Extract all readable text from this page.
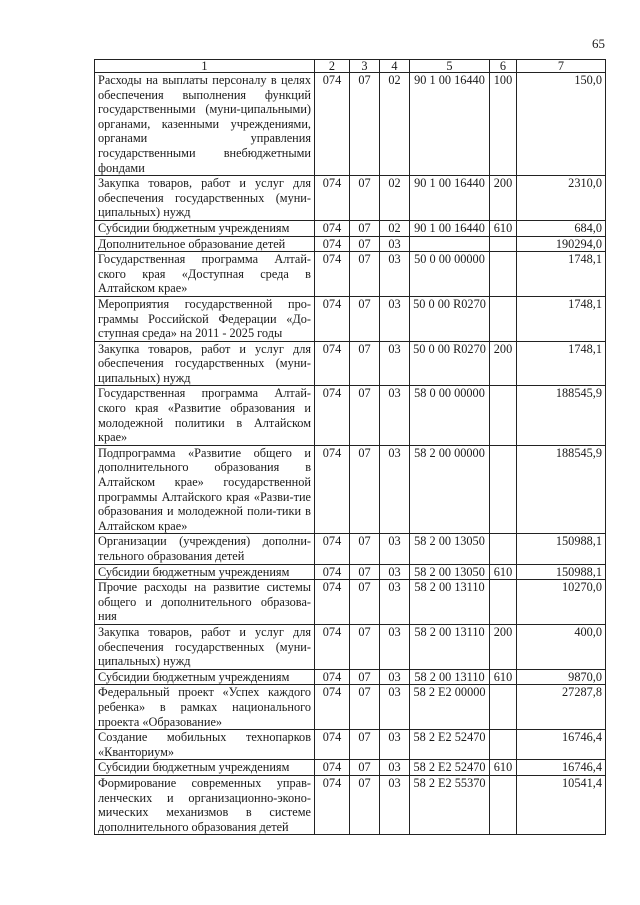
65
1	2	3	4	5	6	7
Расходы на выплаты персоналу в целях обеспечения выполнения функций государственными (муни-ципальными) органами, казенными учреждениями, органами управления государственными внебюджетными фондами	074	07	02	90 1 00 16440	100	150,0
Закупка товаров, работ и услуг для обеспечения государственных (муни-ципальных) нужд	074	07	02	90 1 00 16440	200	2310,0
Субсидии бюджетным учреждениям	074	07	02	90 1 00 16440	610	684,0
Дополнительное образование детей	074	07	03			190294,0
Государственная программа Алтай-ского края «Доступная среда в Алтайском крае»	074	07	03	50 0 00 00000		1748,1
Мероприятия государственной про-граммы Российской Федерации «До-ступная среда» на 2011 - 2025 годы	074	07	03	50 0 00 R0270		1748,1
Закупка товаров, работ и услуг для обеспечения государственных (муни-ципальных) нужд	074	07	03	50 0 00 R0270	200	1748,1
Государственная программа Алтай-ского края «Развитие образования и молодежной политики в Алтайском крае»	074	07	03	58 0 00 00000		188545,9
Подпрограмма «Развитие общего и дополнительного образования в Алтайском крае» государственной программы Алтайского края «Разви-тие образования и молодежной поли-тики в Алтайском крае»	074	07	03	58 2 00 00000		188545,9
Организации (учреждения) дополни-тельного образования детей	074	07	03	58 2 00 13050		150988,1
Субсидии бюджетным учреждениям	074	07	03	58 2 00 13050	610	150988,1
Прочие расходы на развитие системы общего и дополнительного образова-ния	074	07	03	58 2 00 13110		10270,0
Закупка товаров, работ и услуг для обеспечения государственных (муни-ципальных) нужд	074	07	03	58 2 00 13110	200	400,0
Субсидии бюджетным учреждениям	074	07	03	58 2 00 13110	610	9870,0
Федеральный проект «Успех каждого ребенка» в рамках национального проекта «Образование»	074	07	03	58 2 E2 00000		27287,8
Создание мобильных технопарков «Кванториум»	074	07	03	58 2 E2 52470		16746,4
Субсидии бюджетным учреждениям	074	07	03	58 2 E2 52470	610	16746,4
Формирование современных управ-ленческих и организационно-эконо-мических механизмов в системе дополнительного образования детей	074	07	03	58 2 E2 55370		10541,4
